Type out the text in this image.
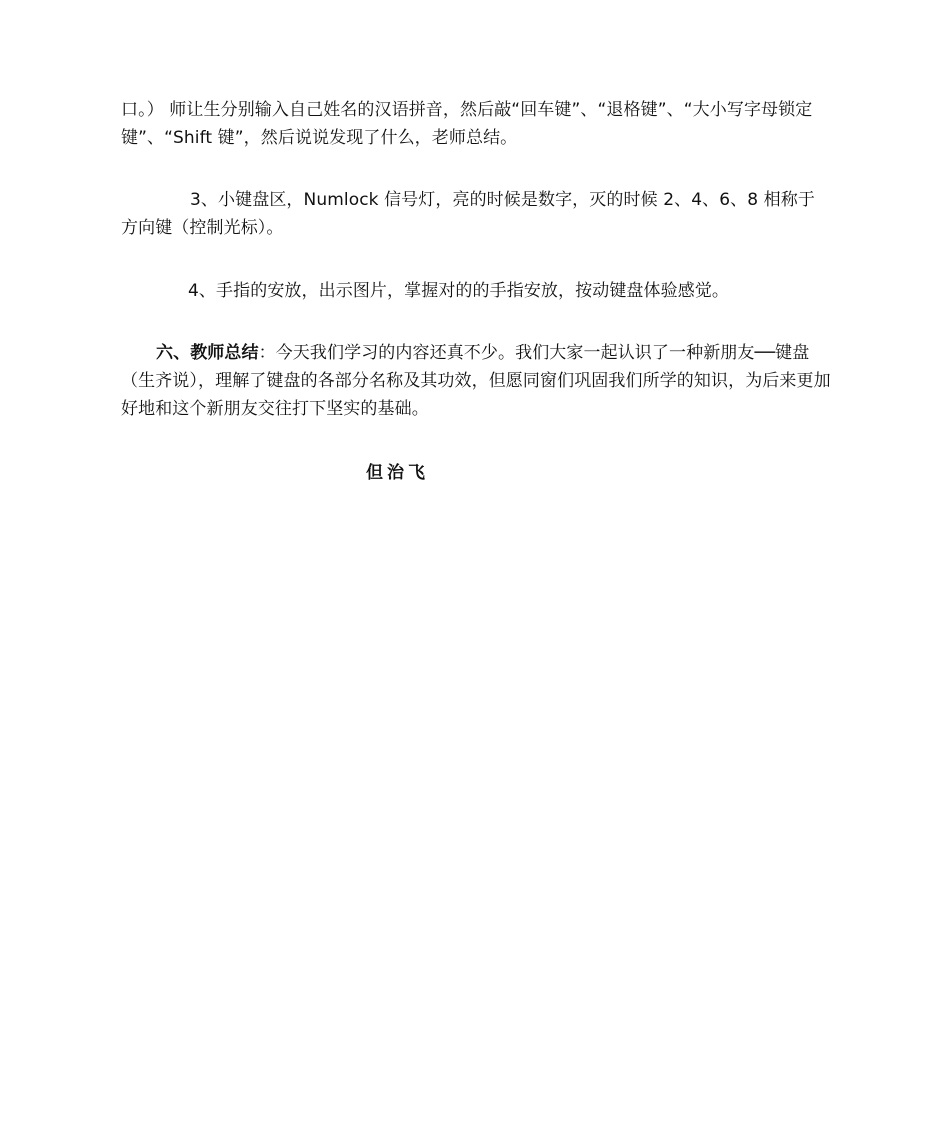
口。） 师让生分别输入自己姓名的汉语拼音，然后敲“回车键”、“退格键”、“大小写字母锁定键”、“Shift 键”，然后说说发现了什么，老师总结。

3、小键盘区，Numlock 信号灯，亮的时候是数字，灭的时候 2、4、6、8 相称于方向键（控制光标）。

4、手指的安放，出示图片，掌握对的的手指安放，按动键盘体验感觉。

六、教师总结：今天我们学习的内容还真不少。我们大家一起认识了一种新朋友──键盘（生齐说），理解了键盘的各部分名称及其功效，但愿同窗们巩固我们所学的知识，为后来更加好地和这个新朋友交往打下坚实的基础。

但治飞
